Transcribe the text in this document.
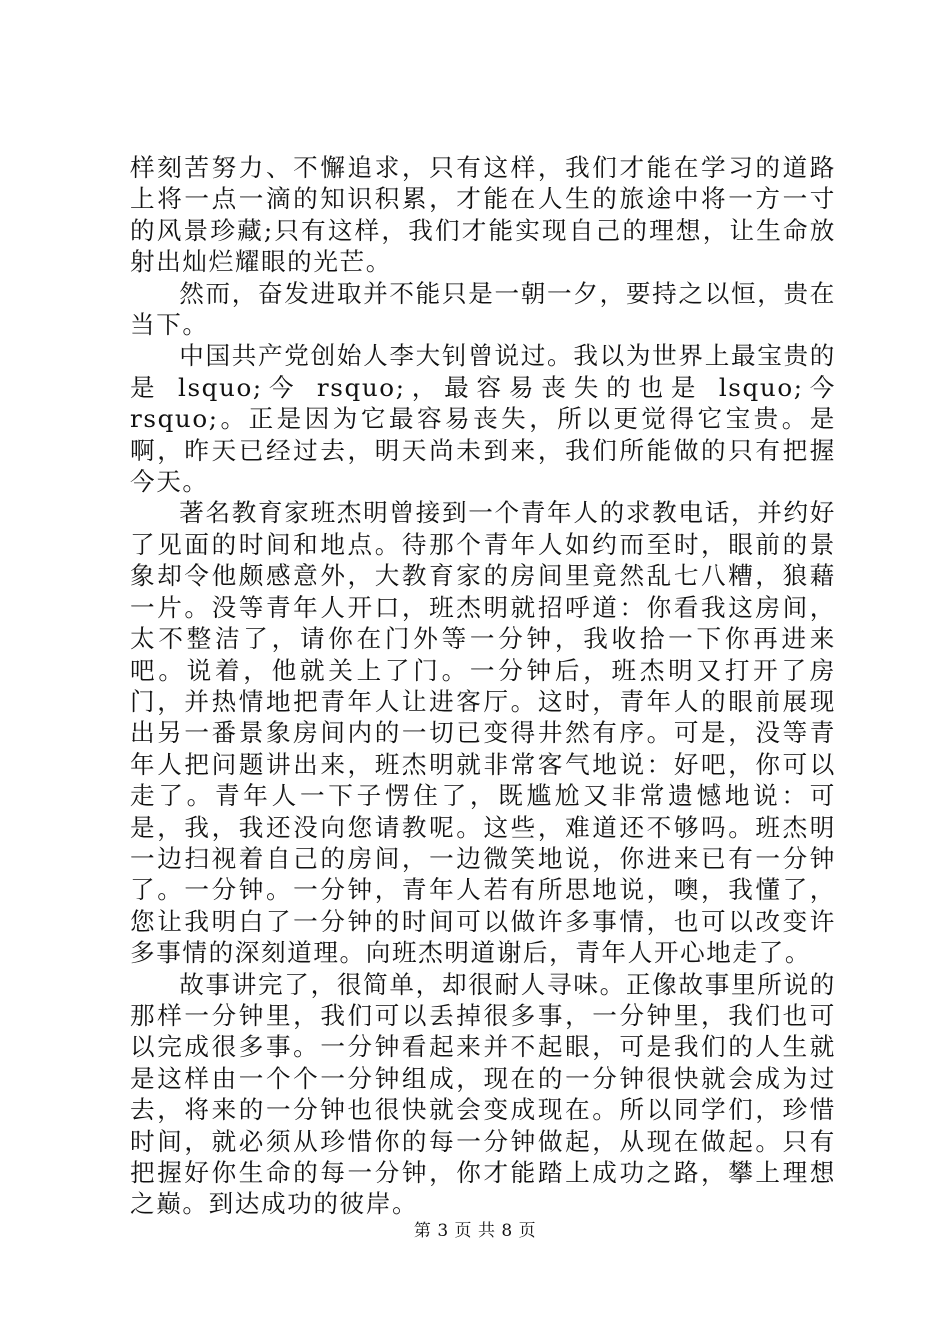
样刻苦努力、不懈追求，只有这样，我们才能在学习的道路上将一点一滴的知识积累，才能在人生的旅途中将一方一寸的风景珍藏;只有这样，我们才能实现自己的理想，让生命放射出灿烂耀眼的光芒。

然而，奋发进取并不能只是一朝一夕，要持之以恒，贵在当下。

中国共产党创始人李大钊曾说过。我以为世界上最宝贵的是 lsquo;今 rsquo;，最容易丧失的也是 lsquo;今 rsquo;。正是因为它最容易丧失，所以更觉得它宝贵。是啊，昨天已经过去，明天尚未到来，我们所能做的只有把握今天。

著名教育家班杰明曾接到一个青年人的求教电话，并约好了见面的时间和地点。待那个青年人如约而至时，眼前的景象却令他颇感意外，大教育家的房间里竟然乱七八糟，狼藉一片。没等青年人开口，班杰明就招呼道：你看我这房间，太不整洁了，请你在门外等一分钟，我收拾一下你再进来吧。说着，他就关上了门。一分钟后，班杰明又打开了房门，并热情地把青年人让进客厅。这时，青年人的眼前展现出另一番景象房间内的一切已变得井然有序。可是，没等青年人把问题讲出来，班杰明就非常客气地说：好吧，你可以走了。青年人一下子愣住了，既尴尬又非常遗憾地说：可是，我，我还没向您请教呢。这些，难道还不够吗。班杰明一边扫视着自己的房间，一边微笑地说，你进来已有一分钟了。一分钟。一分钟，青年人若有所思地说，噢，我懂了，您让我明白了一分钟的时间可以做许多事情，也可以改变许多事情的深刻道理。向班杰明道谢后，青年人开心地走了。

故事讲完了，很简单，却很耐人寻味。正像故事里所说的那样一分钟里，我们可以丢掉很多事，一分钟里，我们也可以完成很多事。一分钟看起来并不起眼，可是我们的人生就是这样由一个个一分钟组成，现在的一分钟很快就会成为过去，将来的一分钟也很快就会变成现在。所以同学们，珍惜时间，就必须从珍惜你的每一分钟做起，从现在做起。只有把握好你生命的每一分钟，你才能踏上成功之路，攀上理想之巅。到达成功的彼岸。

第 3 页 共 8 页
